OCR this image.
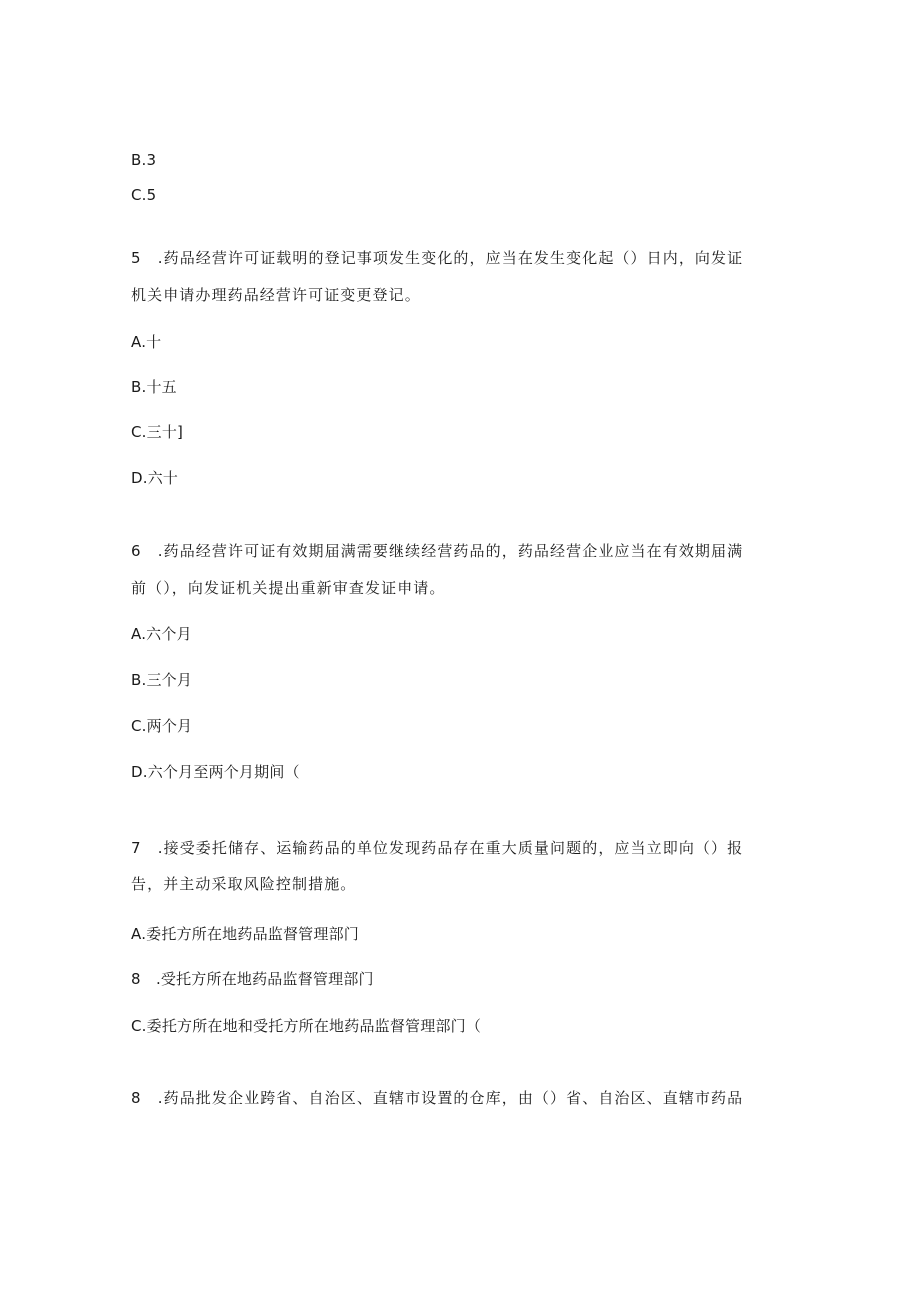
B.3
C.5
5　.药品经营许可证载明的登记事项发生变化的，应当在发生变化起（）日内，向发证
机关申请办理药品经营许可证变更登记。
A.十
B.十五
C.三十]
D.六十
6　.药品经营许可证有效期届满需要继续经营药品的，药品经营企业应当在有效期届满
前（），向发证机关提出重新审查发证申请。
A.六个月
B.三个月
C.两个月
D.六个月至两个月期间（
7　.接受委托储存、运输药品的单位发现药品存在重大质量问题的，应当立即向（）报
告，并主动采取风险控制措施。
A.委托方所在地药品监督管理部门
8　.受托方所在地药品监督管理部门
C.委托方所在地和受托方所在地药品监督管理部门（
8　.药品批发企业跨省、自治区、直辖市设置的仓库，由（）省、自治区、直辖市药品
